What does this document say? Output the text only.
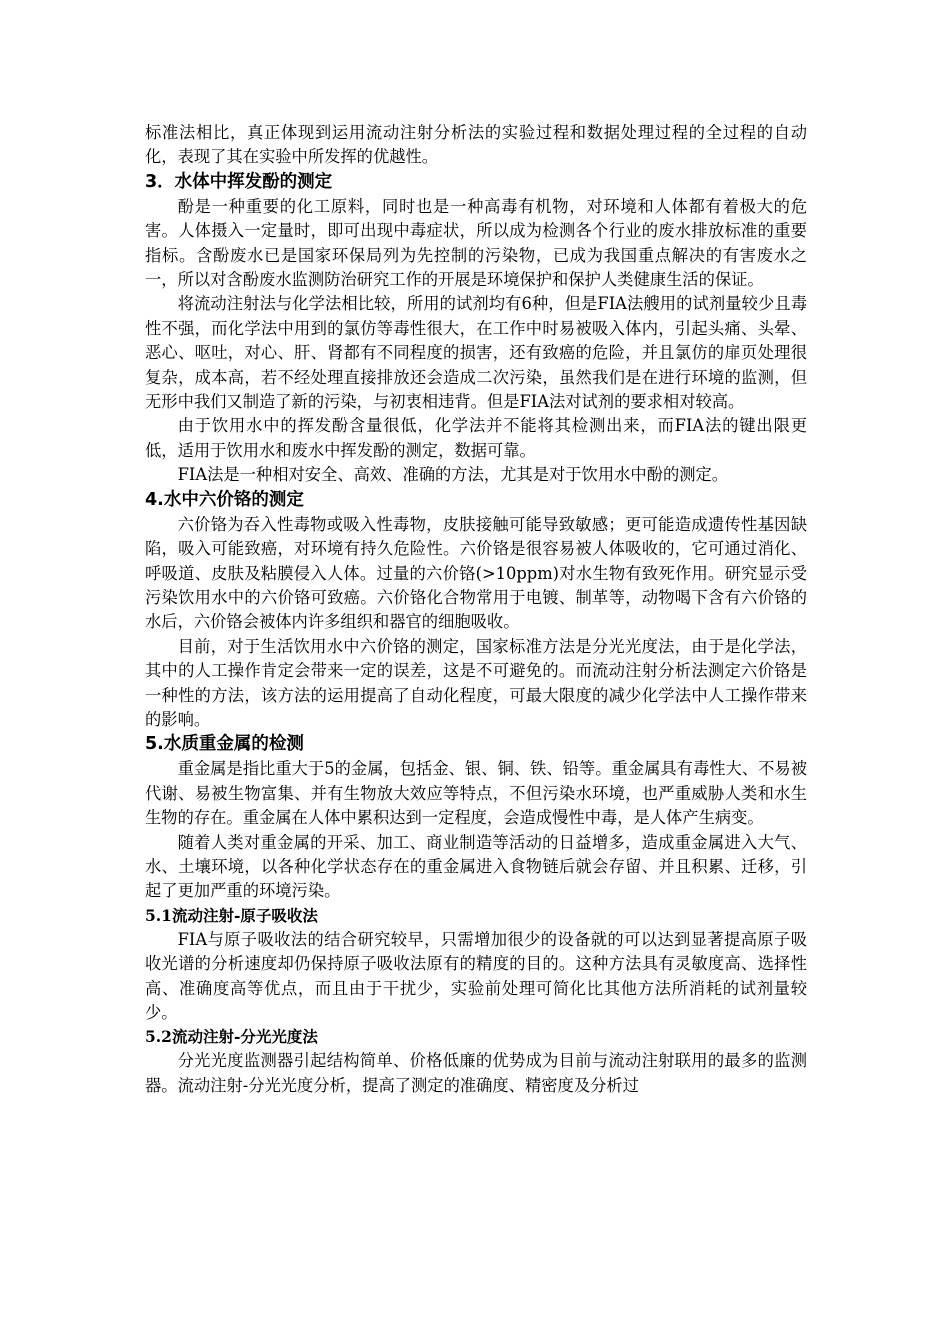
标准法相比，真正体现到运用流动注射分析法的实验过程和数据处理过程的全过程的自动化，表现了其在实验中所发挥的优越性。

3．水体中挥发酚的测定

酚是一种重要的化工原料，同时也是一种高毒有机物，对环境和人体都有着极大的危害。人体摄入一定量时，即可出现中毒症状，所以成为检测各个行业的废水排放标准的重要指标。含酚废水已是国家环保局列为先控制的污染物，已成为我国重点解决的有害废水之一，所以对含酚废水监测防治研究工作的开展是环境保护和保护人类健康生活的保证。

将流动注射法与化学法相比较，所用的试剂均有6种，但是FIA法艘用的试剂量较少且毒性不强，而化学法中用到的氯仿等毒性很大，在工作中时易被吸入体内，引起头痛、头晕、恶心、呕吐，对心、肝、肾都有不同程度的损害，还有致癌的危险，并且氯仿的扉页处理很复杂，成本高，若不经处理直接排放还会造成二次污染，虽然我们是在进行环境的监测，但无形中我们又制造了新的污染，与初衷相违背。但是FIA法对试剂的要求相对较高。

由于饮用水中的挥发酚含量很低，化学法并不能将其检测出来，而FIA法的键出限更低，适用于饮用水和废水中挥发酚的测定，数据可靠。

FIA法是一种相对安全、高效、准确的方法，尤其是对于饮用水中酚的测定。

4.水中六价铬的测定

六价铬为吞入性毒物或吸入性毒物，皮肤接触可能导致敏感；更可能造成遗传性基因缺陷，吸入可能致癌，对环境有持久危险性。六价铬是很容易被人体吸收的，它可通过消化、呼吸道、皮肤及粘膜侵入人体。过量的六价铬(>10ppm)对水生物有致死作用。研究显示受污染饮用水中的六价铬可致癌。六价铬化合物常用于电镀、制革等，动物喝下含有六价铬的水后，六价铬会被体内许多组织和器官的细胞吸收。

目前，对于生活饮用水中六价铬的测定，国家标准方法是分光光度法，由于是化学法，其中的人工操作肯定会带来一定的误差，这是不可避免的。而流动注射分析法测定六价铬是一种性的方法，该方法的运用提高了自动化程度，可最大限度的减少化学法中人工操作带来的影响。

5.水质重金属的检测

重金属是指比重大于5的金属，包括金、银、铜、铁、铅等。重金属具有毒性大、不易被代谢、易被生物富集、并有生物放大效应等特点，不但污染水环境，也严重威胁人类和水生生物的存在。重金属在人体中累积达到一定程度，会造成慢性中毒，是人体产生病变。

随着人类对重金属的开采、加工、商业制造等活动的日益增多，造成重金属进入大气、水、土壤环境，以各种化学状态存在的重金属进入食物链后就会存留、并且积累、迁移，引起了更加严重的环境污染。

5.1流动注射-原子吸收法

FIA与原子吸收法的结合研究较早，只需增加很少的设备就的可以达到显著提高原子吸收光谱的分析速度却仍保持原子吸收法原有的精度的目的。这种方法具有灵敏度高、选择性高、准确度高等优点，而且由于干扰少，实验前处理可简化比其他方法所消耗的试剂量较少。

5.2流动注射-分光光度法

分光光度监测器引起结构简单、价格低廉的优势成为目前与流动注射联用的最多的监测器。流动注射-分光光度分析，提高了测定的准确度、精密度及分析过
